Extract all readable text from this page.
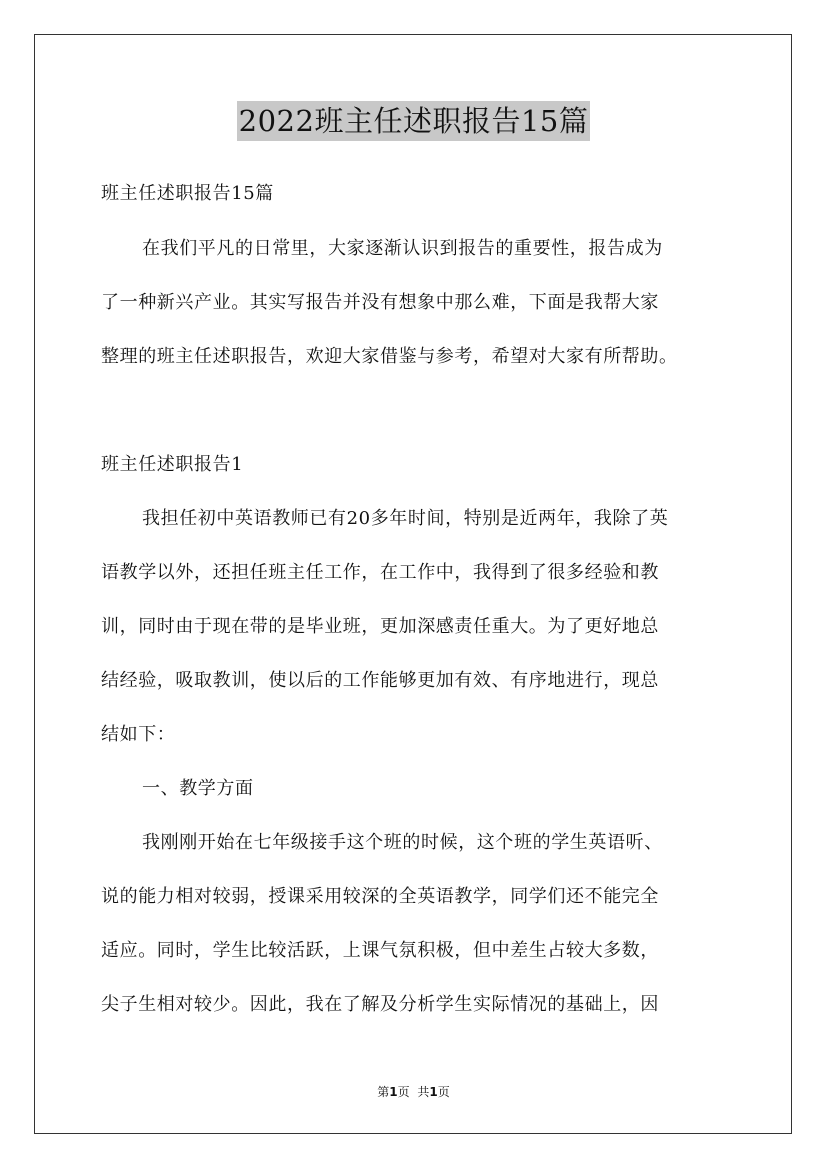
2022班主任述职报告15篇
班主任述职报告15篇
在我们平凡的日常里，大家逐渐认识到报告的重要性，报告成为
了一种新兴产业。其实写报告并没有想象中那么难，下面是我帮大家
整理的班主任述职报告，欢迎大家借鉴与参考，希望对大家有所帮助。
班主任述职报告1
我担任初中英语教师已有20多年时间，特别是近两年，我除了英
语教学以外，还担任班主任工作，在工作中，我得到了很多经验和教
训，同时由于现在带的是毕业班，更加深感责任重大。为了更好地总
结经验，吸取教训，使以后的工作能够更加有效、有序地进行，现总
结如下：
一、教学方面
我刚刚开始在七年级接手这个班的时候，这个班的学生英语听、
说的能力相对较弱，授课采用较深的全英语教学，同学们还不能完全
适应。同时，学生比较活跃，上课气氛积极，但中差生占较大多数，
尖子生相对较少。因此，我在了解及分析学生实际情况的基础上，因
第1页 共1页
